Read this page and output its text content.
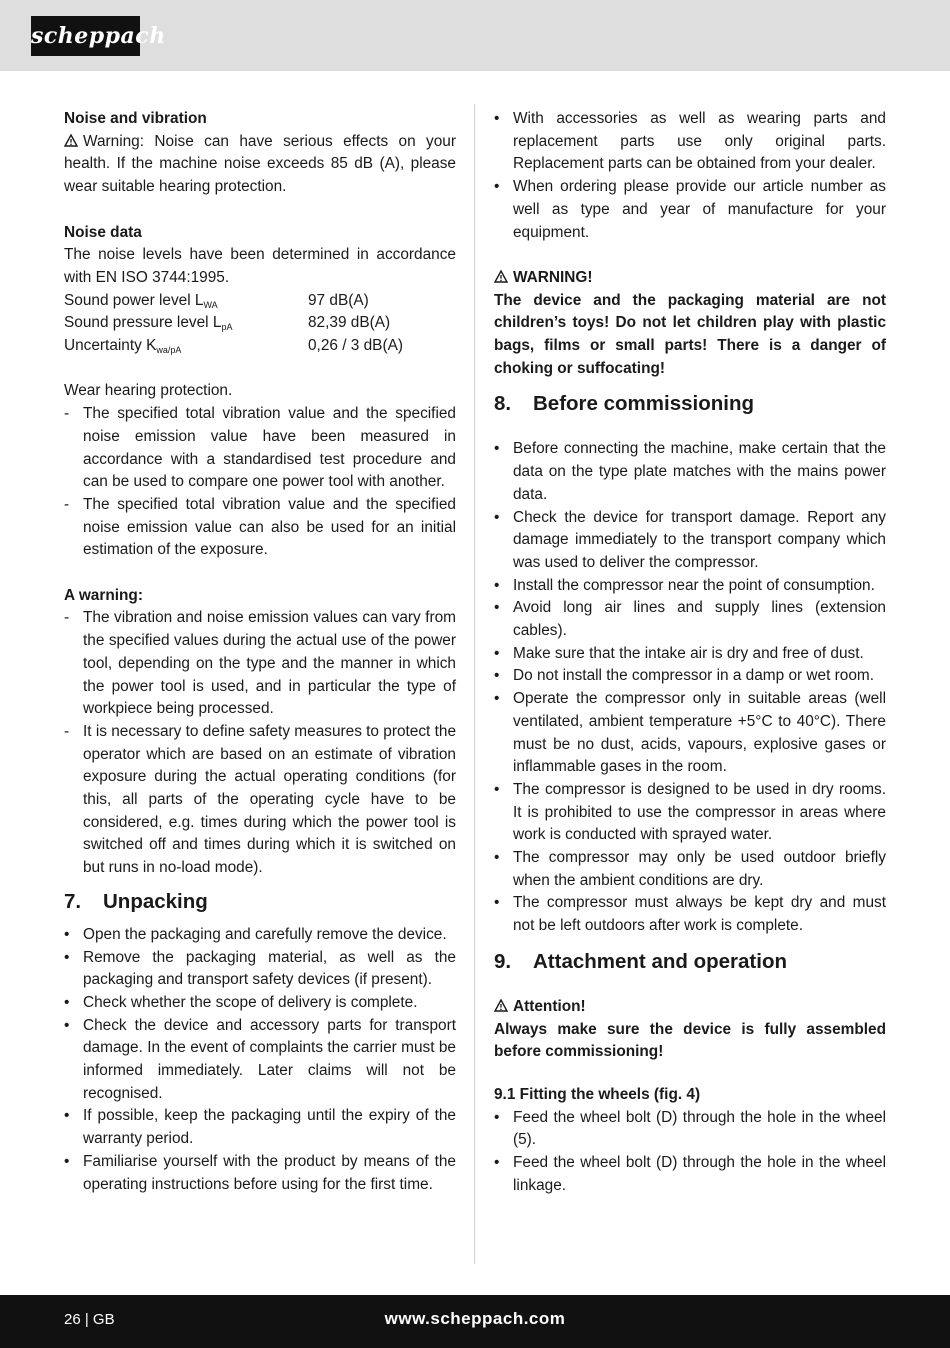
scheppach

Noise and vibration

Warning: Noise can have serious effects on your health. If the machine noise exceeds 85 dB (A), please wear suitable hearing protection.

Noise data

The noise levels have been determined in accordance with EN ISO 3744:1995.

Sound power level $L_{WA}$	97 dB(A)
Sound pressure level $L_{pA}$	82,39 dB(A)
Uncertainty $K_{wa/pA}$	0,26 / 3 dB(A)

Wear hearing protection.

- The specified total vibration value and the specified noise emission value have been measured in accordance with a standardised test procedure and can be used to compare one power tool with another.
- The specified total vibration value and the specified noise emission value can also be used for an initial estimation of the exposure.

A warning:

- The vibration and noise emission values can vary from the specified values during the actual use of the power tool, depending on the type and the manner in which the power tool is used, and in particular the type of workpiece being processed.
- It is necessary to define safety measures to protect the operator which are based on an estimate of vibration exposure during the actual operating conditions (for this, all parts of the operating cycle have to be considered, e.g. times during which the power tool is switched off and times during which it is switched on but runs in no-load mode).
7. Unpacking
• Open the packaging and carefully remove the device.
• Remove the packaging material, as well as the packaging and transport safety devices (if present).
• Check whether the scope of delivery is complete.
• Check the device and accessory parts for transport damage. In the event of complaints the carrier must be informed immediately. Later claims will not be recognised.
• If possible, keep the packaging until the expiry of the warranty period.
• Familiarise yourself with the product by means of the operating instructions before using for the first time.
• With accessories as well as wearing parts and replacement parts use only original parts. Replacement parts can be obtained from your dealer.
• When ordering please provide our article number as well as type and year of manufacture for your equipment.

WARNING!

The device and the packaging material are not children’s toys! Do not let children play with plastic bags, films or small parts! There is a danger of choking or suffocating!

8. Before commissioning
• Before connecting the machine, make certain that the data on the type plate matches with the mains power data.
• Check the device for transport damage. Report any damage immediately to the transport company which was used to deliver the compressor.
• Install the compressor near the point of consumption.
• Avoid long air lines and supply lines (extension cables).
• Make sure that the intake air is dry and free of dust.
• Do not install the compressor in a damp or wet room.
• Operate the compressor only in suitable areas (well ventilated, ambient temperature +5°C to 40°C). There must be no dust, acids, vapours, explosive gases or inflammable gases in the room.
• The compressor is designed to be used in dry rooms. It is prohibited to use the compressor in areas where work is conducted with sprayed water.
• The compressor may only be used outdoor briefly when the ambient conditions are dry.
• The compressor must always be kept dry and must not be left outdoors after work is complete.
9. Attachment and operation

Attention!

Always make sure the device is fully assembled before commissioning!

9.1 Fitting the wheels (fig. 4)

• Feed the wheel bolt (D) through the hole in the wheel (5).
• Feed the wheel bolt (D) through the hole in the wheel linkage.
26 | GB	www.scheppach.com
